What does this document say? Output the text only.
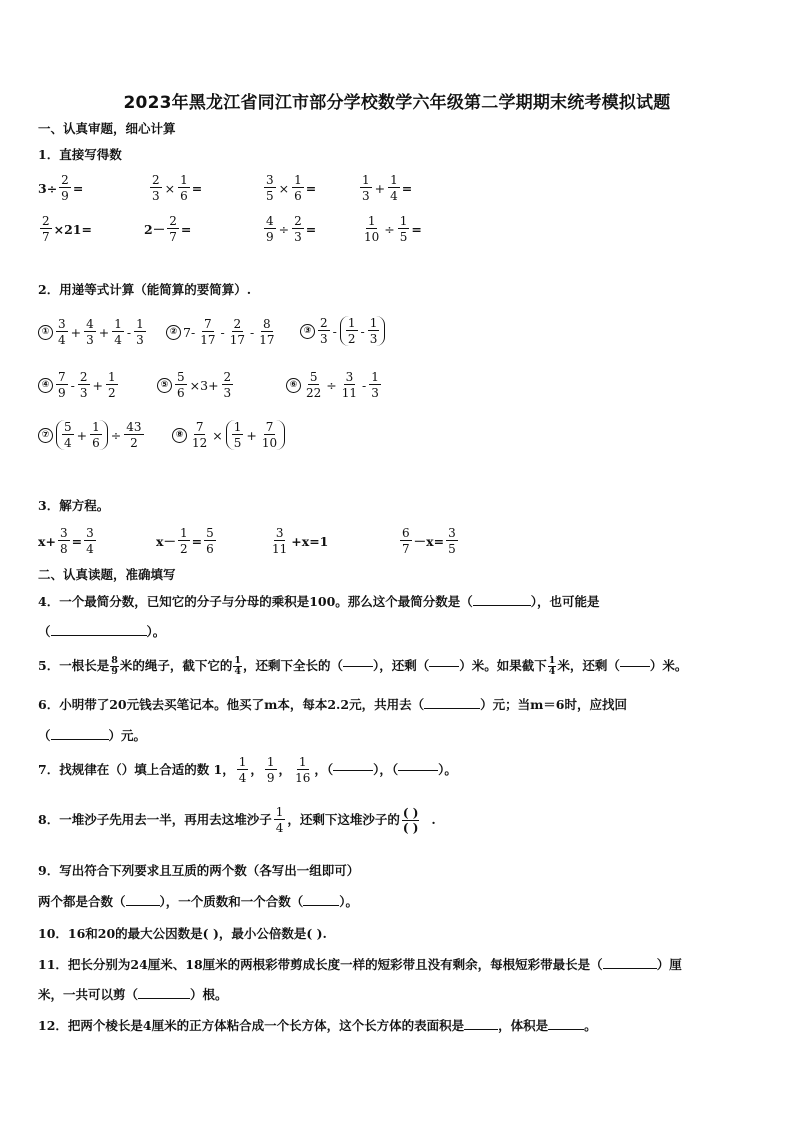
2023年黑龙江省同江市部分学校数学六年级第二学期期末统考模拟试题
一、认真审题，细心计算
1．直接写得数
$3\div \frac{2}{9}$ =	$\frac{2}{3} \times \frac{1}{6}$ =	$\frac{3}{5} \times \frac{1}{6}$ =	$\frac{1}{3} + \frac{1}{4}$ =
$\frac{2}{7} \times 21=$	$2- \frac{2}{7}$ =	$\frac{4}{9} \div \frac{2}{3}$ =	$\frac{1}{10} \div \frac{1}{5}$ =
2．用递等式计算（能简算的要简算）.
① $\frac{3}{4} + \frac{4}{3} + \frac{1}{4} - \frac{1}{3}$	② $7- \frac{7}{17} - \frac{2}{17} - \frac{8}{17}$	③ $\frac{2}{3} - \frac{1}{2} - \frac{1}{3}$
④ $\frac{7}{9} - \frac{2}{3} + \frac{1}{2}$	⑤ $\frac{5}{6} \times 3+ \frac{2}{3}$	⑥ $\frac{5}{22} \div \frac{3}{11} - \frac{1}{3}$
⑦	$\frac{5}{4} + \frac{1}{6} \div \frac{43}{2}$	⑧ $\frac{7}{12} \times \frac{1}{5} + \frac{7}{10}$
3．解方程。
$x+ \frac{3}{8} = \frac{3}{4}$	$x- \frac{1}{2} = \frac{5}{6}$	$\frac{3}{11} +x=1$	$\frac{6}{7} -x= \frac{3}{5}$
二、认真读题，准确填写
4．一个最简分数，已知它的分子与分母的乘积是100。那么这个最简分数是（	），也可能是
（	）。
5．一根长是 8
9 米的绳子，截下它的 1
4 ，还剩下全长的（ ），还剩（ ）米。如果截下 1
4 米，还剩（ ）米。
6．小明带了20元钱去买笔记本。他买了m本，每本2.2元，共用去（	）元；当m＝6时，应找回
（	）元。
7．找规律在（）填上合适的数 1， $\frac{1}{4}$ ， $\frac{1}{9}$ ， $\frac{1}{16}$ ，（	），（	）。
8．一堆沙子先用去一半，再用去这堆沙子 $\frac{1}{4}$ ，还剩下这堆沙子的 ( )
( )
.
9．写出符合下列要求且互质的两个数（各写出一组即可）
两个都是合数（	），一个质数和一个合数（	）。
10．16和20的最大公因数是( )，最小公倍数是( ).
11．把长分别为24厘米、18厘米的两根彩带剪成长度一样的短彩带且没有剩余，每根短彩带最长是（	）厘
米，一共可以剪（	）根。
12．把两个棱长是4厘米的正方体粘合成一个长方体，这个长方体的表面积是	，体积是	。
